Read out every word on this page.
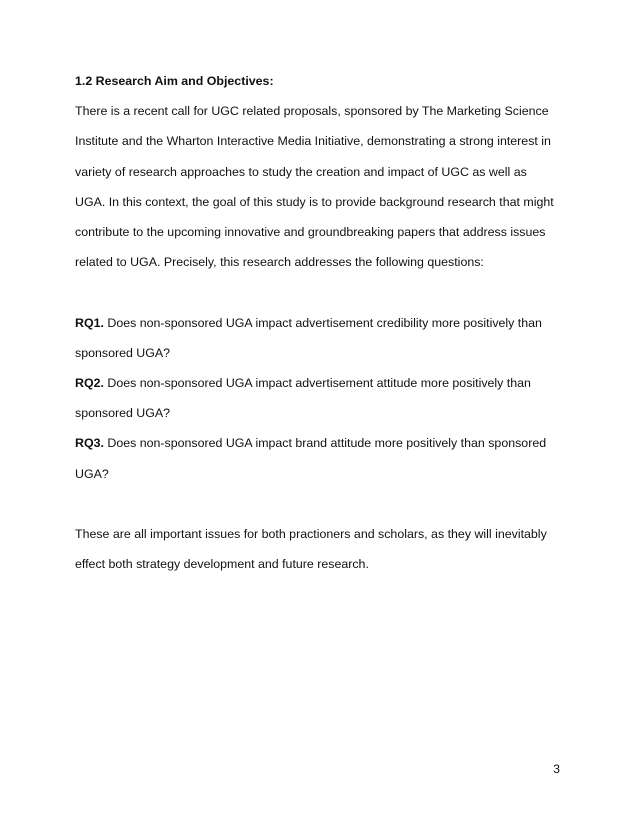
1.2 Research Aim and Objectives:

There is a recent call for UGC related proposals, sponsored by The Marketing Science
Institute and the Wharton Interactive Media Initiative, demonstrating a strong interest in
variety of research approaches to study the creation and impact of UGC as well as
UGA. In this context, the goal of this study is to provide background research that might
contribute to the upcoming innovative and groundbreaking papers that address issues
related to UGA. Precisely, this research addresses the following questions:
RQ1. Does non-sponsored UGA impact advertisement credibility more positively than
sponsored UGA?
RQ2. Does non-sponsored UGA impact advertisement attitude more positively than
sponsored UGA?
RQ3. Does non-sponsored UGA impact brand attitude more positively than sponsored
UGA?
These are all important issues for both practioners and scholars, as they will inevitably
effect both strategy development and future research.
3
